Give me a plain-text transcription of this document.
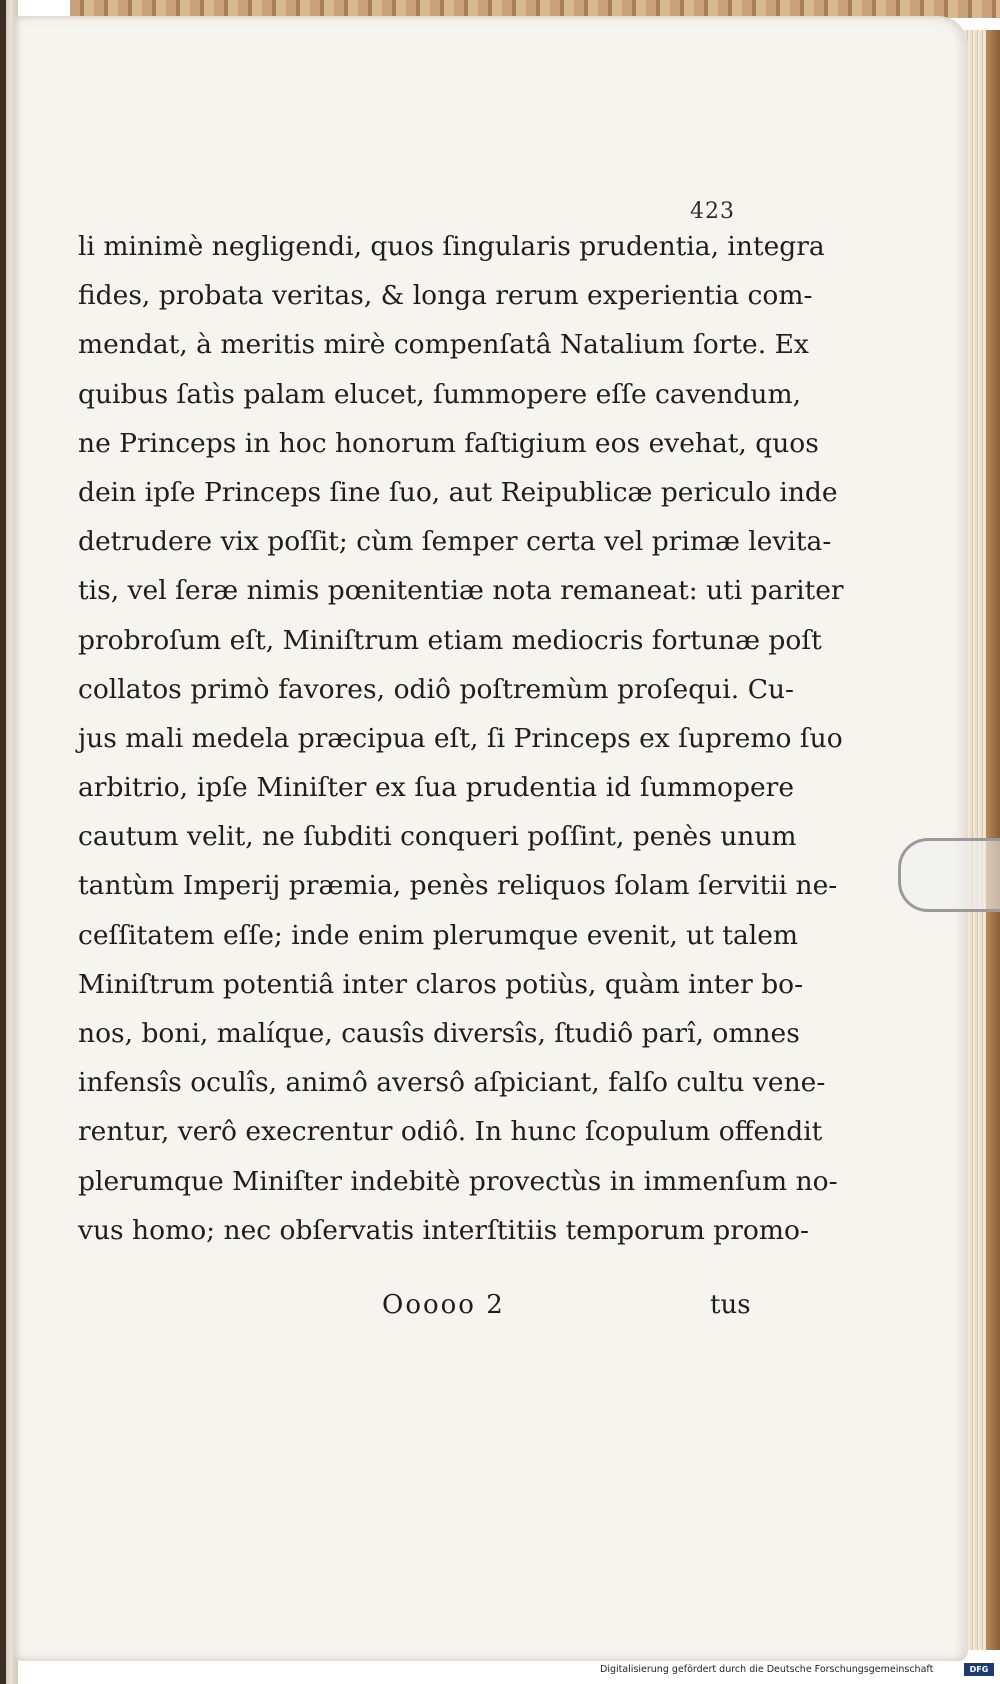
423
li minimè negligendi, quos ſingularis prudentia, integra
fides, probata veritas, & longa rerum experientia com-
mendat, à meritis mirè compenſatâ Natalium ſorte. Ex
quibus ſatìs palam elucet, ſummopere eſſe cavendum,
ne Princeps in hoc honorum faſtigium eos evehat, quos
dein ipſe Princeps ſine ſuo, aut Reipublicæ periculo inde
detrudere vix poſſit; cùm ſemper certa vel primæ levita-
tis, vel ſeræ nimis pœnitentiæ nota remaneat: uti pariter
probroſum eſt, Miniſtrum etiam mediocris fortunæ poſt
collatos primò favores, odiô poſtremùm proſequi. Cu-
jus mali medela præcipua eſt, ſi Princeps ex ſupremo ſuo
arbitrio, ipſe Miniſter ex ſua prudentia id ſummopere
cautum velit, ne ſubditi conqueri poſſint, penès unum
tantùm Imperij præmia, penès reliquos ſolam ſervitii ne-
ceſſitatem eſſe; inde enim plerumque evenit, ut talem
Miniſtrum potentiâ inter claros potiùs, quàm inter bo-
nos, boni, malíque, causîs diversîs, ſtudiô parî, omnes
infensîs oculîs, animô aversô aſpiciant, falſo cultu vene-
rentur, verô execrentur odiô. In hunc ſcopulum offendit
plerumque Miniſter indebitè provectùs in immenſum no-
vus homo; nec obſervatis interſtitiis temporum promo-
Ooooo 2	tus
Digitalisierung gefördert durch die Deutsche Forschungsgemeinschaft	DFG
